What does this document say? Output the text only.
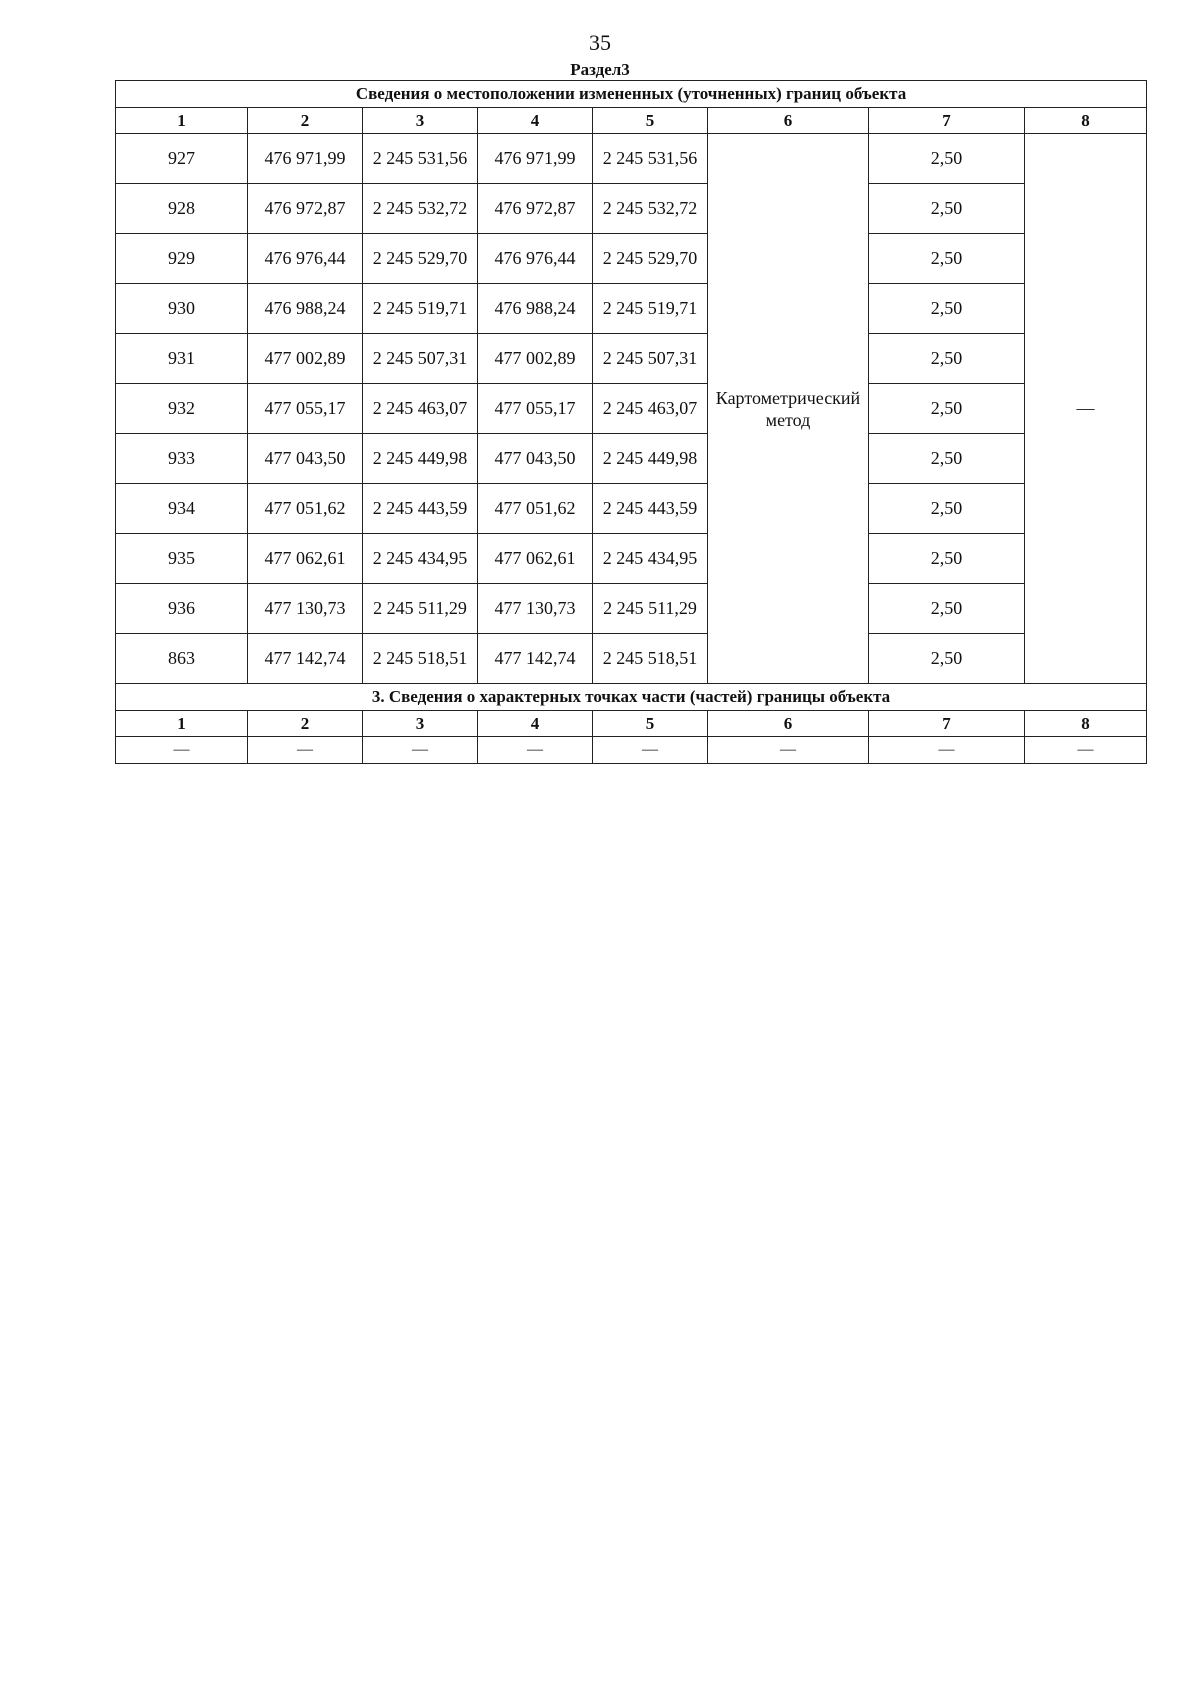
35
Раздел3
Сведения о местоположении измененных (уточненных) границ объекта							
1	2	3	4	5	6	7	8
927	476 971,99	2 245 531,56	476 971,99	2 245 531,56	Картометрический метод	2,50	—
928	476 972,87	2 245 532,72	476 972,87	2 245 532,72		2,50	
929	476 976,44	2 245 529,70	476 976,44	2 245 529,70		2,50	
930	476 988,24	2 245 519,71	476 988,24	2 245 519,71		2,50	
931	477 002,89	2 245 507,31	477 002,89	2 245 507,31		2,50	
932	477 055,17	2 245 463,07	477 055,17	2 245 463,07		2,50	
933	477 043,50	2 245 449,98	477 043,50	2 245 449,98		2,50	
934	477 051,62	2 245 443,59	477 051,62	2 245 443,59		2,50	
935	477 062,61	2 245 434,95	477 062,61	2 245 434,95		2,50	
936	477 130,73	2 245 511,29	477 130,73	2 245 511,29		2,50	
863	477 142,74	2 245 518,51	477 142,74	2 245 518,51		2,50	
3. Сведения о характерных точках части (частей) границы объекта							
1	2	3	4	5	6	7	8
—	—	—	—	—	—	—	—
